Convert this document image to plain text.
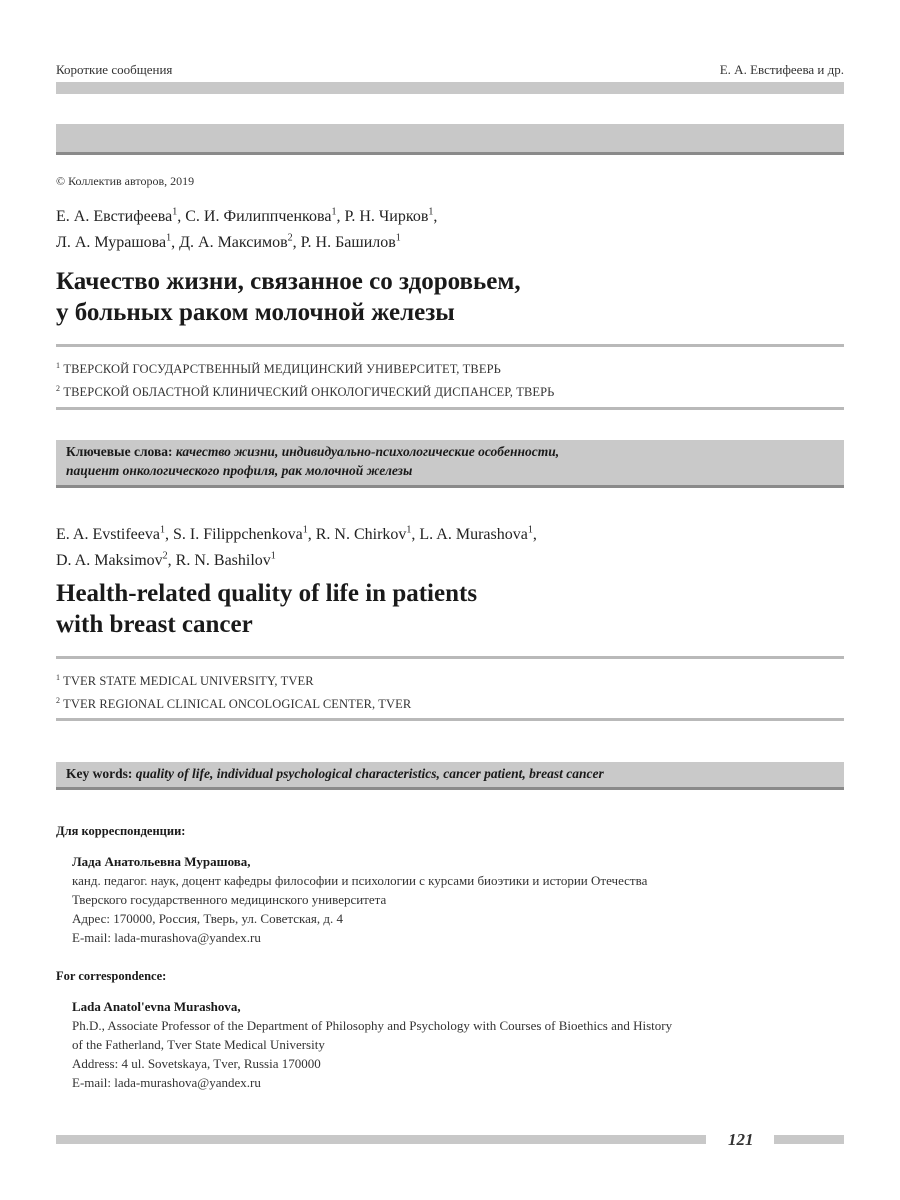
Короткие сообщения	Е. А. Евстифеева и др.
© Коллектив авторов, 2019
Е. А. Евстифеева$^1$, С. И. Филиппченкова$^1$, Р. Н. Чирков$^1$,
Л. А. Мурашова$^1$, Д. А. Максимов$^2$, Р. Н. Башилов$^1$
Качество жизни, связанное со здоровьем,
у больных раком молочной железы
$^1$ ТВЕРСКОЙ ГОСУДАРСТВЕННЫЙ МЕДИЦИНСКИЙ УНИВЕРСИТЕТ, ТВЕРЬ
$^2$ ТВЕРСКОЙ ОБЛАСТНОЙ КЛИНИЧЕСКИЙ ОНКОЛОГИЧЕСКИЙ ДИСПАНСЕР, ТВЕРЬ
Ключевые слова: качество жизни, индивидуально-психологические особенности,
пациент онкологического профиля, рак молочной железы
E. A. Evstifeeva$^1$, S. I. Filippchenkova$^1$, R. N. Chirkov$^1$, L. A. Murashova$^1$,
D. A. Maksimov$^2$, R. N. Bashilov$^1$
Health-related quality of life in patients
with breast cancer
$^1$ TVER STATE MEDICAL UNIVERSITY, TVER
$^2$ TVER REGIONAL CLINICAL ONCOLOGICAL CENTER, TVER
Key words: quality of life, individual psychological characteristics, cancer patient, breast cancer
Для корреспонденции:
Лада Анатольевна Мурашова,
канд. педагог. наук, доцент кафедры философии и психологии с курсами биоэтики и истории Отечества
Тверского государственного медицинского университета
Адрес: 170000, Россия, Тверь, ул. Советская, д. 4
E-mail: lada-murashova@yandex.ru
For correspondence:
Lada Anatol'evna Murashova,
Ph.D., Associate Professor of the Department of Philosophy and Psychology with Courses of Bioethics and History
of the Fatherland, Tver State Medical University
Address: 4 ul. Sovetskaya, Tver, Russia 170000
E-mail: lada-murashova@yandex.ru
121
